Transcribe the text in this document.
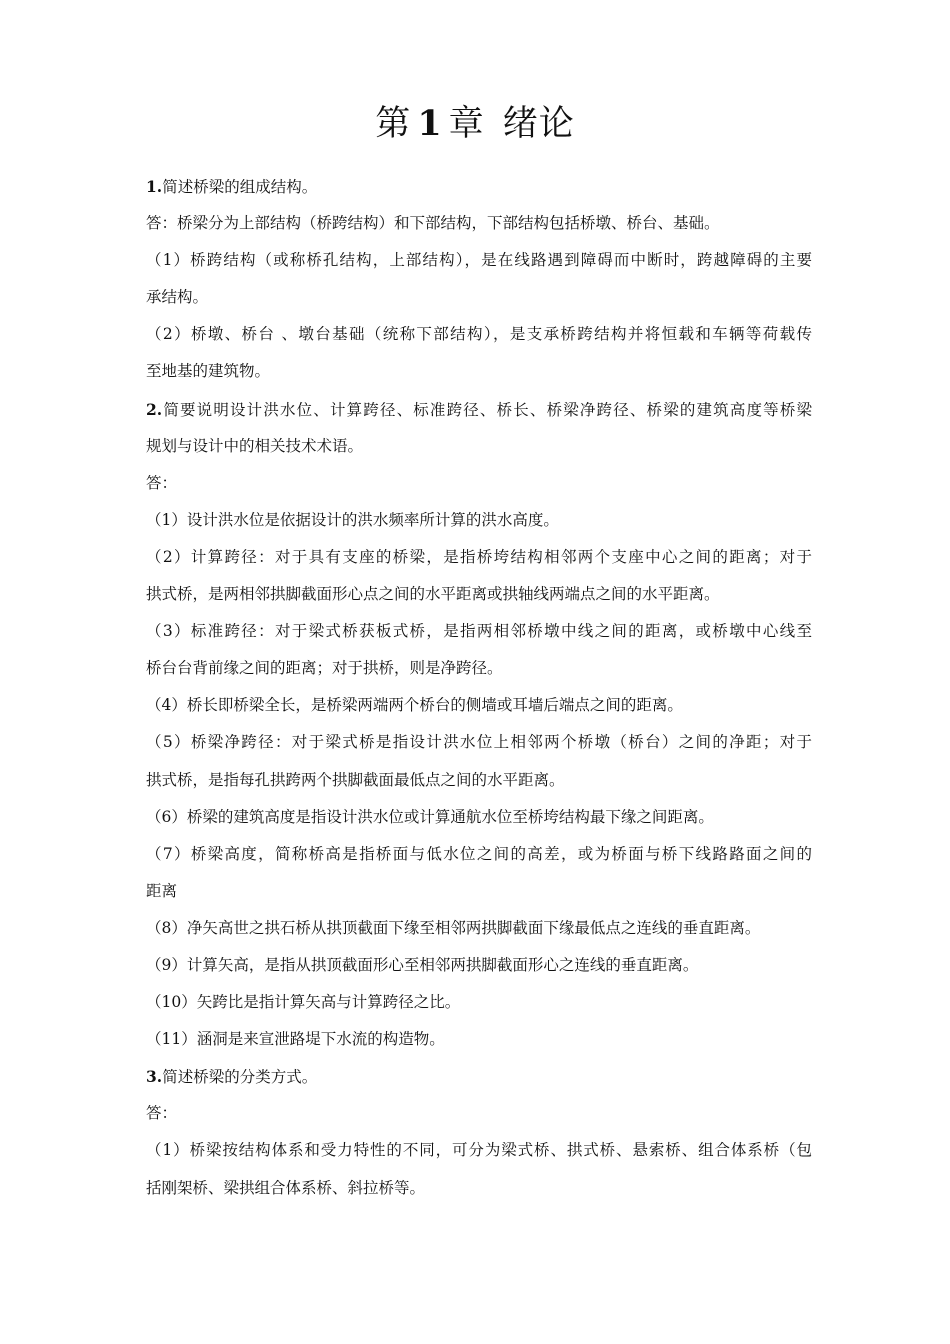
第 1 章 绪论
1.简述桥梁的组成结构。
答：桥梁分为上部结构（桥跨结构）和下部结构，下部结构包括桥墩、桥台、基础。
（1）桥跨结构（或称桥孔结构，上部结构），是在线路遇到障碍而中断时，跨越障碍的主要
承结构。
（2）桥墩、桥台 、墩台基础（统称下部结构），是支承桥跨结构并将恒载和车辆等荷载传
至地基的建筑物。
2.简要说明设计洪水位、计算跨径、标准跨径、桥长、桥梁净跨径、桥梁的建筑高度等桥梁
规划与设计中的相关技术术语。
答：
（1）设计洪水位是依据设计的洪水频率所计算的洪水高度。
（2）计算跨径：对于具有支座的桥梁，是指桥垮结构相邻两个支座中心之间的距离；对于
拱式桥，是两相邻拱脚截面形心点之间的水平距离或拱轴线两端点之间的水平距离。
（3）标准跨径：对于梁式桥获板式桥，是指两相邻桥墩中线之间的距离，或桥墩中心线至
桥台台背前缘之间的距离；对于拱桥，则是净跨径。
（4）桥长即桥梁全长，是桥梁两端两个桥台的侧墙或耳墙后端点之间的距离。
（5）桥梁净跨径：对于梁式桥是指设计洪水位上相邻两个桥墩（桥台）之间的净距；对于
拱式桥，是指每孔拱跨两个拱脚截面最低点之间的水平距离。
（6）桥梁的建筑高度是指设计洪水位或计算通航水位至桥垮结构最下缘之间距离。
（7）桥梁高度，简称桥高是指桥面与低水位之间的高差，或为桥面与桥下线路路面之间的
距离
（8）净矢高世之拱石桥从拱顶截面下缘至相邻两拱脚截面下缘最低点之连线的垂直距离。
（9）计算矢高，是指从拱顶截面形心至相邻两拱脚截面形心之连线的垂直距离。
（10）矢跨比是指计算矢高与计算跨径之比。
（11）涵洞是来宣泄路堤下水流的构造物。
3.简述桥梁的分类方式。
答：
（1）桥梁按结构体系和受力特性的不同，可分为梁式桥、拱式桥、悬索桥、组合体系桥（包
括刚架桥、梁拱组合体系桥、斜拉桥等。
